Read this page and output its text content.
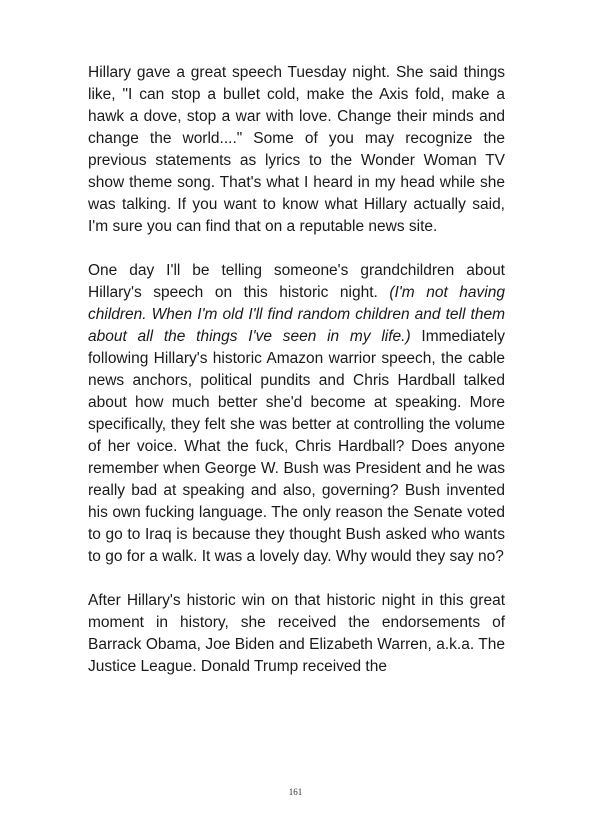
Hillary gave a great speech Tuesday night. She said things like, "I can stop a bullet cold, make the Axis fold, make a hawk a dove, stop a war with love. Change their minds and change the world...." Some of you may recognize the previous statements as lyrics to the Wonder Woman TV show theme song. That's what I heard in my head while she was talking. If you want to know what Hillary actually said, I'm sure you can find that on a reputable news site.

One day I'll be telling someone's grandchildren about Hillary's speech on this historic night. (I'm not having children. When I'm old I'll find random children and tell them about all the things I've seen in my life.) Immediately following Hillary's historic Amazon warrior speech, the cable news anchors, political pundits and Chris Hardball talked about how much better she'd become at speaking. More specifically, they felt she was better at controlling the volume of her voice. What the fuck, Chris Hardball? Does anyone remember when George W. Bush was President and he was really bad at speaking and also, governing? Bush invented his own fucking language. The only reason the Senate voted to go to Iraq is because they thought Bush asked who wants to go for a walk. It was a lovely day. Why would they say no?

After Hillary's historic win on that historic night in this great moment in history, she received the endorsements of Barrack Obama, Joe Biden and Elizabeth Warren, a.k.a. The Justice League. Donald Trump received the

161
